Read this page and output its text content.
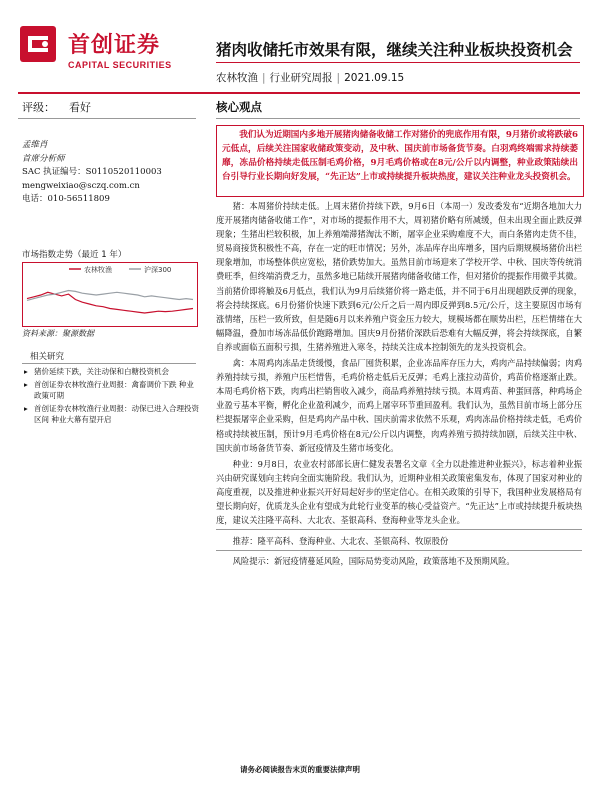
首创证券
CAPITAL SECURITIES
猪肉收储托市效果有限，继续关注种业板块投资机会
农林牧渔 | 行业研究周报 | 2021.09.15
评级： 看好	核心观点
孟维肖
首席分析师
SAC 执证编号：S0110520110003
mengweixiao@sczq.com.cn
电话：010-56511809
市场指数走势（最近 1 年）
农林牧渔	沪深300
资料来源：聚源数据
相关研究
▸ 猪价延续下跌，关注动保和白糖投资机会
▸ 首创证券农林牧渔行业周报：禽畜调价下跌 种业政策可期
▸ 首创证券农林牧渔行业周报：动保已进入合理投资区间 种业大幕有望开启

我们认为近期国内多地开展猪肉储备收储工作对猪价的兜底作用有限，9月猪价或将跌破6元低点，后续关注国家收储政策变动，及中秋、国庆前市场备货节奏。白羽鸡终端需求持续萎靡，冻品价格持续走低压制毛鸡价格，9月毛鸡价格或在8元/公斤以内调整，种业政策陆续出台引导行业长期向好发展，“先正达”上市或持续提升板块热度，建议关注种业龙头投资机会。

猪：本周猪价持续走低。上周末猪价持续下跌，9月6日（本周一）发改委发布“近期各地加大力度开展猪肉储备收储工作”，对市场的提振作用不大，周初猪价略有所减缓，但未出现全面止跌反弹现象；生猪出栏较积极，加上养殖端滞猪淘汰不断，屠宰企业采购难度不大，而白条猪肉走货不佳，贸易商接货积极性不高，存在一定的旺市情况；另外，冻品库存出库增多，国内后期规模场猪价出栏现象增加，市场整体供应宽松，猪价跌势加大。虽然目前市场迎来了学校开学、中秋、国庆等传统消费旺季，但终端消费乏力，虽然多地已陆续开展猪肉储备收储工作，但对猪价的提振作用微乎其微。当前猪价即将触及6月低点，我们认为9月后续猪价将一路走低，并不同于6月出现超跌反弹的现象，将会持续探底。6月份猪价快速下跌到6元/公斤之后一周内即反弹到8.5元/公斤，这主要原因市场有涨情绪，压栏一致所致，但是随6月以来养殖户资金压力较大，规模场都在顺势出栏，压栏情绪在大幅降温，叠加市场冻品低价跑路增加。国庆9月份猪价深跌后恐难有大幅反弹，将会持续探底，自繁自养或面临五面积亏损，生猪养殖进入寒冬，持续关注成本控制领先的龙头投资机会。

禽：本周鸡肉冻品走货缓慢，食品厂囤货积累，企业冻品库存压力大，鸡肉产品持续偏弱；肉鸡养殖持续亏损，养殖户压栏惜售，毛鸡价格走低后无反弹；毛鸡上涨拉动苗价，鸡苗价格逐渐止跌。本周毛鸡价格下跌，肉鸡出栏销售收入减少，商品鸡养殖持续亏损。本周鸡苗、种蛋回落，种鸡场企业盈亏基本平衡，孵化企业盈利减少，而鸡上屠宰环节重回盈利。我们认为，虽然目前市场上部分压栏提振屠宰企业采购，但是鸡肉产品中秋、国庆前需求依然不乐观，鸡肉冻品价格持续走低，毛鸡价格或持续被压制，预计9月毛鸡价格在8元/公斤以内调整，肉鸡养殖亏损持续加剧，后续关注中秋、国庆前市场备货节奏、新冠疫情及生猪市场变化。

种业：9月8日，农业农村部部长唐仁健发表署名文章《全力以赴推进种业振兴》，标志着种业振兴由研究谋划向主转向全面实施阶段。我们认为，近期种业相关政策密集发布，体现了国家对种业的高度重视，以及推进种业振兴开好局起好步的坚定信心。在相关政策的引导下，我国种业发展格局有望长期向好，优质龙头企业有望成为此轮行业变革的核心受益资产。“先正达”上市或持续提升板块热度，建议关注隆平高科、大北农、荃银高科、登海种业等龙头企业。

推荐：隆平高科、登海种业、大北农、荃银高科、牧原股份

风险提示：新冠疫情蔓延风险，国际局势变动风险，政策落地不及预期风险。

请务必阅读报告末页的重要法律声明
